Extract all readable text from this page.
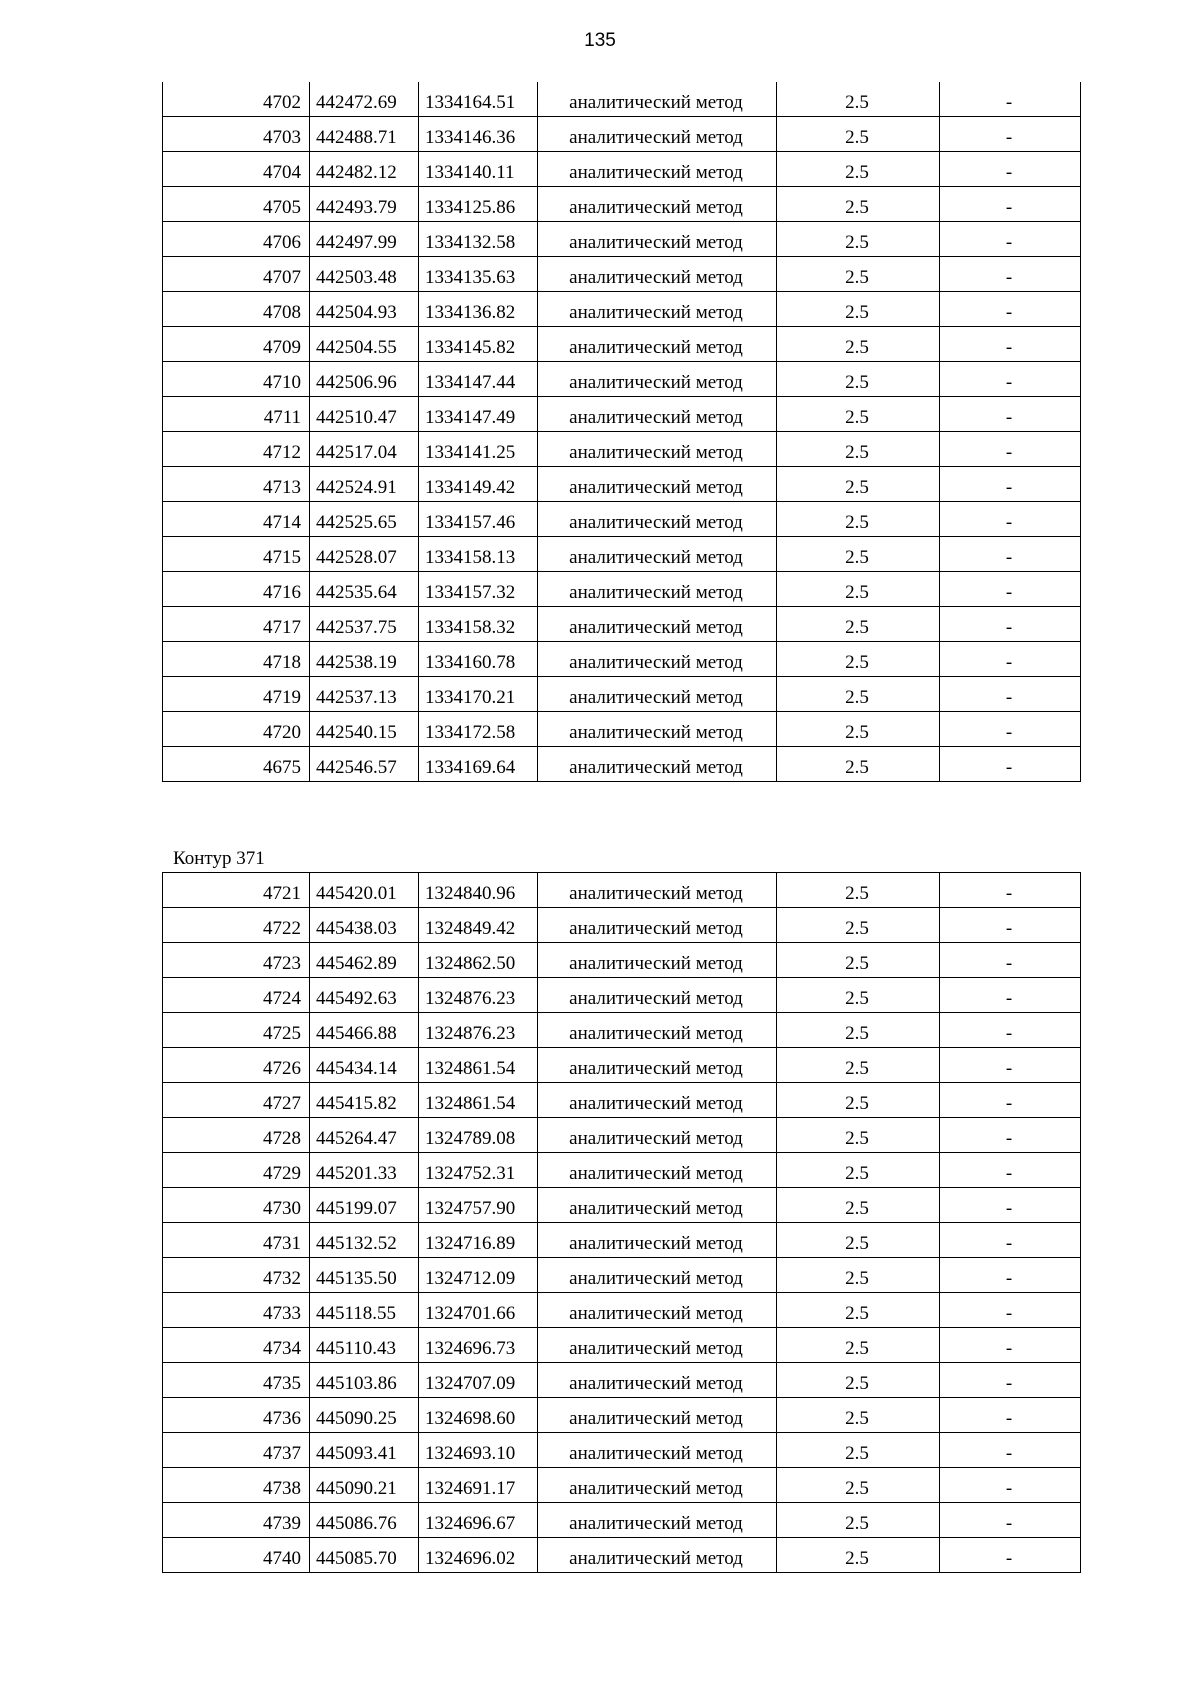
135
4702	442472.69	1334164.51	аналитический метод	2.5	-
4703	442488.71	1334146.36	аналитический метод	2.5	-
4704	442482.12	1334140.11	аналитический метод	2.5	-
4705	442493.79	1334125.86	аналитический метод	2.5	-
4706	442497.99	1334132.58	аналитический метод	2.5	-
4707	442503.48	1334135.63	аналитический метод	2.5	-
4708	442504.93	1334136.82	аналитический метод	2.5	-
4709	442504.55	1334145.82	аналитический метод	2.5	-
4710	442506.96	1334147.44	аналитический метод	2.5	-
4711	442510.47	1334147.49	аналитический метод	2.5	-
4712	442517.04	1334141.25	аналитический метод	2.5	-
4713	442524.91	1334149.42	аналитический метод	2.5	-
4714	442525.65	1334157.46	аналитический метод	2.5	-
4715	442528.07	1334158.13	аналитический метод	2.5	-
4716	442535.64	1334157.32	аналитический метод	2.5	-
4717	442537.75	1334158.32	аналитический метод	2.5	-
4718	442538.19	1334160.78	аналитический метод	2.5	-
4719	442537.13	1334170.21	аналитический метод	2.5	-
4720	442540.15	1334172.58	аналитический метод	2.5	-
4675	442546.57	1334169.64	аналитический метод	2.5	-
Контур 371
4721	445420.01	1324840.96	аналитический метод	2.5	-
4722	445438.03	1324849.42	аналитический метод	2.5	-
4723	445462.89	1324862.50	аналитический метод	2.5	-
4724	445492.63	1324876.23	аналитический метод	2.5	-
4725	445466.88	1324876.23	аналитический метод	2.5	-
4726	445434.14	1324861.54	аналитический метод	2.5	-
4727	445415.82	1324861.54	аналитический метод	2.5	-
4728	445264.47	1324789.08	аналитический метод	2.5	-
4729	445201.33	1324752.31	аналитический метод	2.5	-
4730	445199.07	1324757.90	аналитический метод	2.5	-
4731	445132.52	1324716.89	аналитический метод	2.5	-
4732	445135.50	1324712.09	аналитический метод	2.5	-
4733	445118.55	1324701.66	аналитический метод	2.5	-
4734	445110.43	1324696.73	аналитический метод	2.5	-
4735	445103.86	1324707.09	аналитический метод	2.5	-
4736	445090.25	1324698.60	аналитический метод	2.5	-
4737	445093.41	1324693.10	аналитический метод	2.5	-
4738	445090.21	1324691.17	аналитический метод	2.5	-
4739	445086.76	1324696.67	аналитический метод	2.5	-
4740	445085.70	1324696.02	аналитический метод	2.5	-
